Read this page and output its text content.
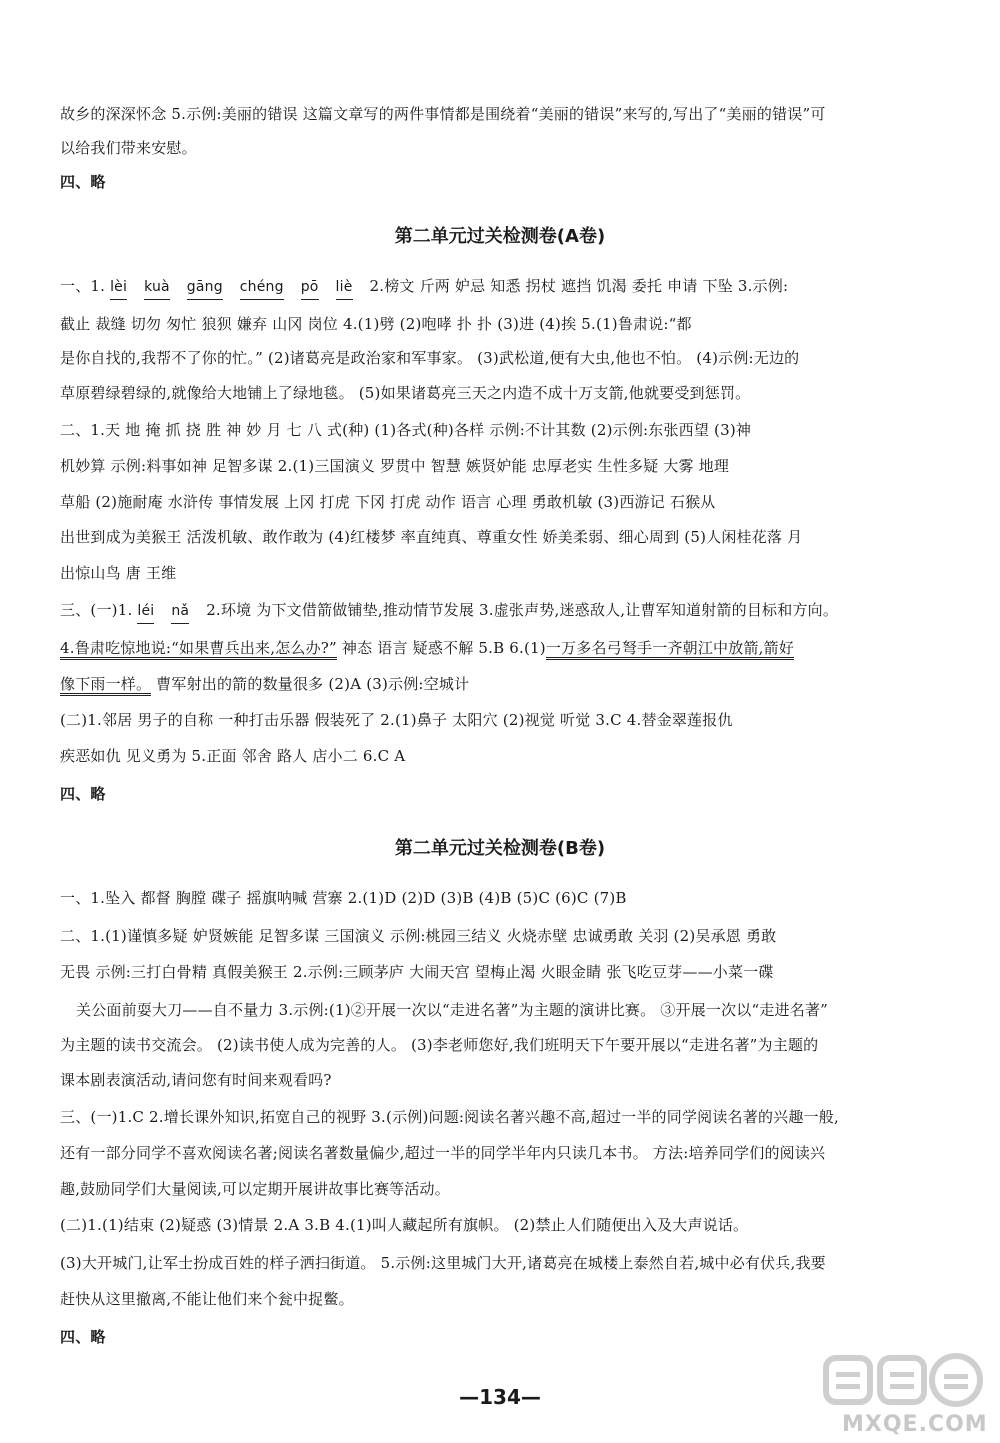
故乡的深深怀念 5.示例:美丽的错误 这篇文章写的两件事情都是围绕着“美丽的错误”来写的,写出了“美丽的错误”可
以给我们带来安慰。
四、略
第二单元过关检测卷(A卷)
一、1. lèi kuà gāng chéng pō liè 2.榜文 斤两 妒忌 知悉 拐杖 遮挡 饥渴 委托 申请 下坠 3.示例:
截止 裁缝 切勿 匆忙 狼狈 嫌弃 山冈 岗位 4.(1)劈 (2)咆哮 扑 扑 (3)进 (4)挨 5.(1)鲁肃说:“都
是你自找的,我帮不了你的忙。” (2)诸葛亮是政治家和军事家。 (3)武松道,便有大虫,他也不怕。 (4)示例:无边的
草原碧绿碧绿的,就像给大地铺上了绿地毯。 (5)如果诸葛亮三天之内造不成十万支箭,他就要受到惩罚。
二、1.天 地 掩 抓 挠 胜 神 妙 月 七 八 式(种) (1)各式(种)各样 示例:不计其数 (2)示例:东张西望 (3)神
机妙算 示例:料事如神 足智多谋 2.(1)三国演义 罗贯中 智慧 嫉贤妒能 忠厚老实 生性多疑 大雾 地理
草船 (2)施耐庵 水浒传 事情发展 上冈 打虎 下冈 打虎 动作 语言 心理 勇敢机敏 (3)西游记 石猴从
出世到成为美猴王 活泼机敏、敢作敢为 (4)红楼梦 率直纯真、尊重女性 娇美柔弱、细心周到 (5)人闲桂花落 月
出惊山鸟 唐 王维
三、(一)1. léi nǎ 2.环境 为下文借箭做铺垫,推动情节发展 3.虚张声势,迷惑敌人,让曹军知道射箭的目标和方向。
4.鲁肃吃惊地说:“如果曹兵出来,怎么办?” 神态 语言 疑惑不解 5.B 6.(1)一万多名弓弩手一齐朝江中放箭,箭好
像下雨一样。 曹军射出的箭的数量很多 (2)A (3)示例:空城计
(二)1.邻居 男子的自称 一种打击乐器 假装死了 2.(1)鼻子 太阳穴 (2)视觉 听觉 3.C 4.替金翠莲报仇
疾恶如仇 见义勇为 5.正面 邻舍 路人 店小二 6.C A
四、略
第二单元过关检测卷(B卷)
一、1.坠入 都督 胸膛 碟子 摇旗呐喊 营寨 2.(1)D (2)D (3)B (4)B (5)C (6)C (7)B
二、1.(1)谨慎多疑 妒贤嫉能 足智多谋 三国演义 示例:桃园三结义 火烧赤壁 忠诚勇敢 关羽 (2)吴承恩 勇敢
无畏 示例:三打白骨精 真假美猴王 2.示例:三顾茅庐 大闹天宫 望梅止渴 火眼金睛 张飞吃豆芽——小菜一碟
关公面前耍大刀——自不量力 3.示例:(1)②开展一次以“走进名著”为主题的演讲比赛。 ③开展一次以“走进名著”
为主题的读书交流会。 (2)读书使人成为完善的人。 (3)李老师您好,我们班明天下午要开展以“走进名著”为主题的
课本剧表演活动,请问您有时间来观看吗?
三、(一)1.C 2.增长课外知识,拓宽自己的视野 3.(示例)问题:阅读名著兴趣不高,超过一半的同学阅读名著的兴趣一般,
还有一部分同学不喜欢阅读名著;阅读名著数量偏少,超过一半的同学半年内只读几本书。 方法:培养同学们的阅读兴
趣,鼓励同学们大量阅读,可以定期开展讲故事比赛等活动。
(二)1.(1)结束 (2)疑惑 (3)情景 2.A 3.B 4.(1)叫人藏起所有旗帜。 (2)禁止人们随便出入及大声说话。
(3)大开城门,让军士扮成百姓的样子洒扫街道。 5.示例:这里城门大开,诸葛亮在城楼上泰然自若,城中必有伏兵,我要
赶快从这里撤离,不能让他们来个瓮中捉鳖。
四、略
—134—
MXQE.COM
